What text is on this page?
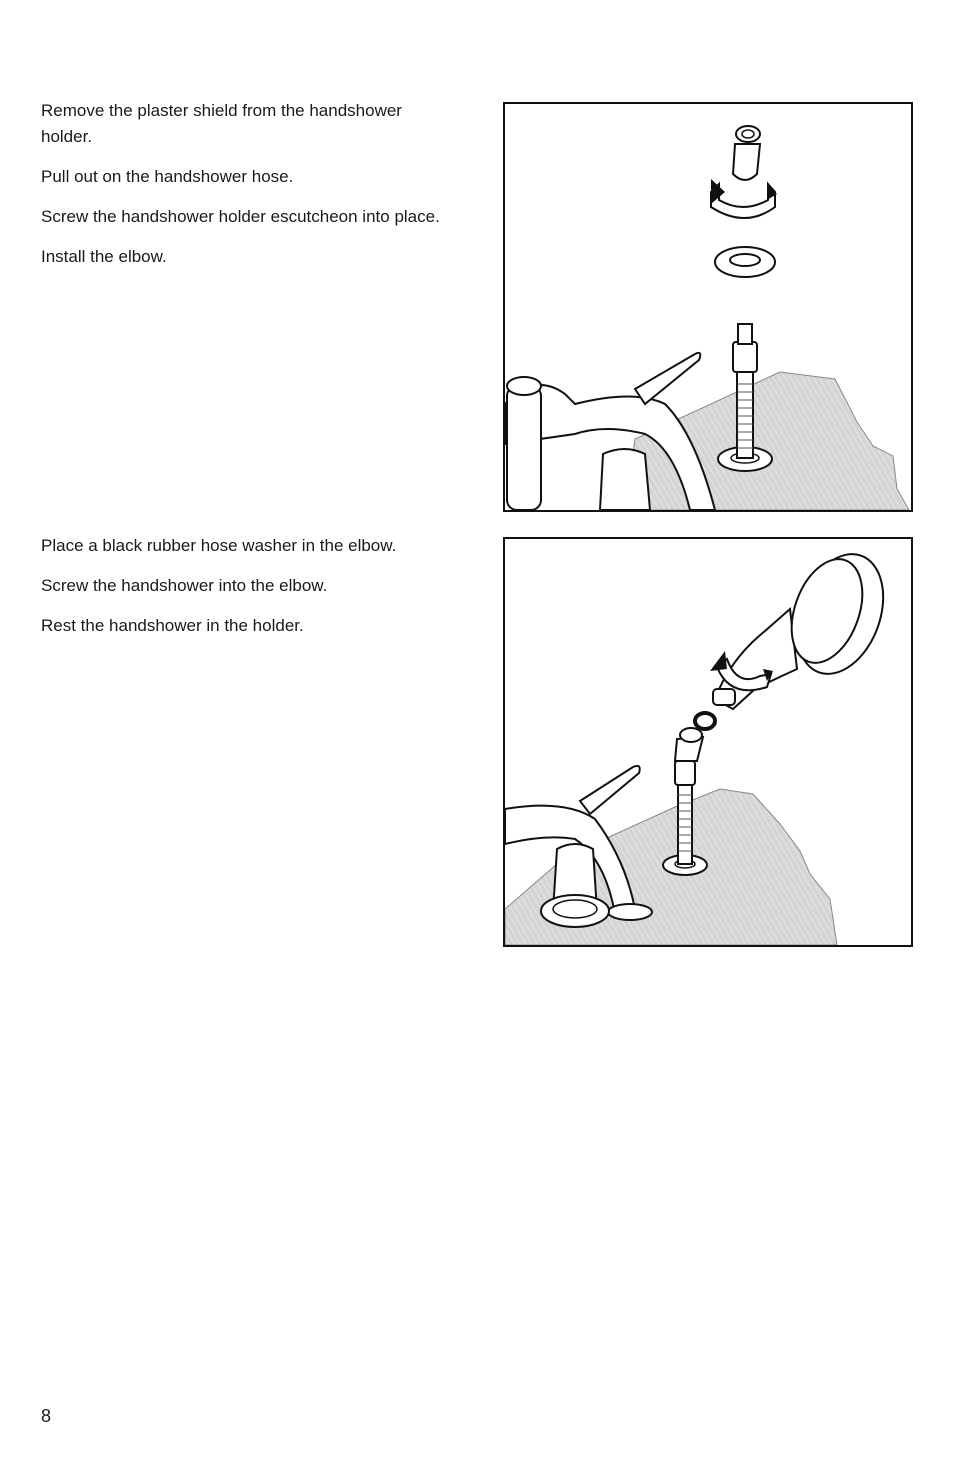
Remove the plaster shield from the handshower holder.

Pull out on the handshower hose.

Screw the handshower holder escutcheon into place.

Install the elbow.

Place a black rubber hose washer in the elbow.

Screw the handshower into the elbow.

Rest the handshower in the holder.

8
